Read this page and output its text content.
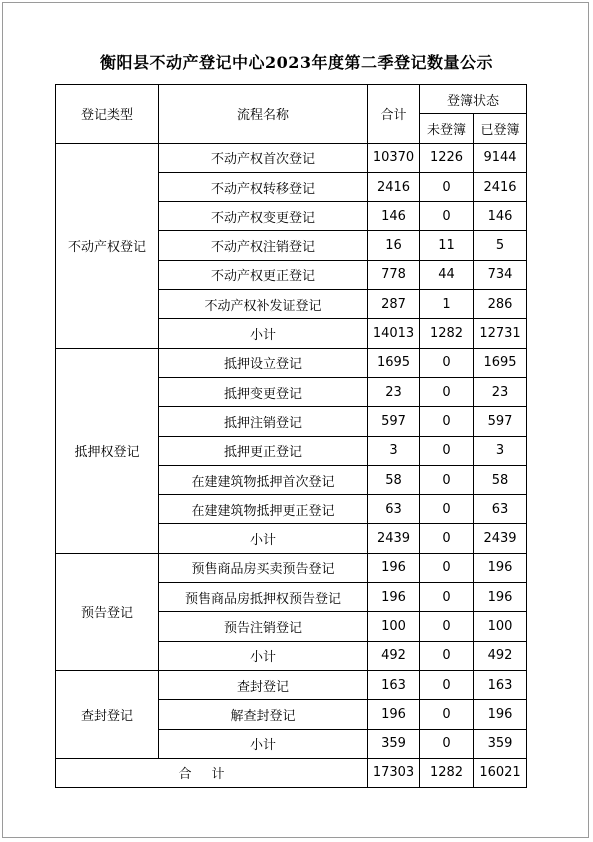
衡阳县不动产登记中心2023年度第二季登记数量公示
登记类型	流程名称	合计	登簿状态	
			未登簿	已登簿
不动产权登记	不动产权首次登记	10370	1226	9144
	不动产权转移登记	2416	0	2416
	不动产权变更登记	146	0	146
	不动产权注销登记	16	11	5
	不动产权更正登记	778	44	734
	不动产权补发证登记	287	1	286
	小计	14013	1282	12731
抵押权登记	抵押设立登记	1695	0	1695
	抵押变更登记	23	0	23
	抵押注销登记	597	0	597
	抵押更正登记	3	0	3
	在建建筑物抵押首次登记	58	0	58
	在建建筑物抵押更正登记	63	0	63
	小计	2439	0	2439
预告登记	预售商品房买卖预告登记	196	0	196
	预售商品房抵押权预告登记	196	0	196
	预告注销登记	100	0	100
	小计	492	0	492
查封登记	查封登记	163	0	163
	解查封登记	196	0	196
	小计	359	0	359
合计		17303	1282	16021
